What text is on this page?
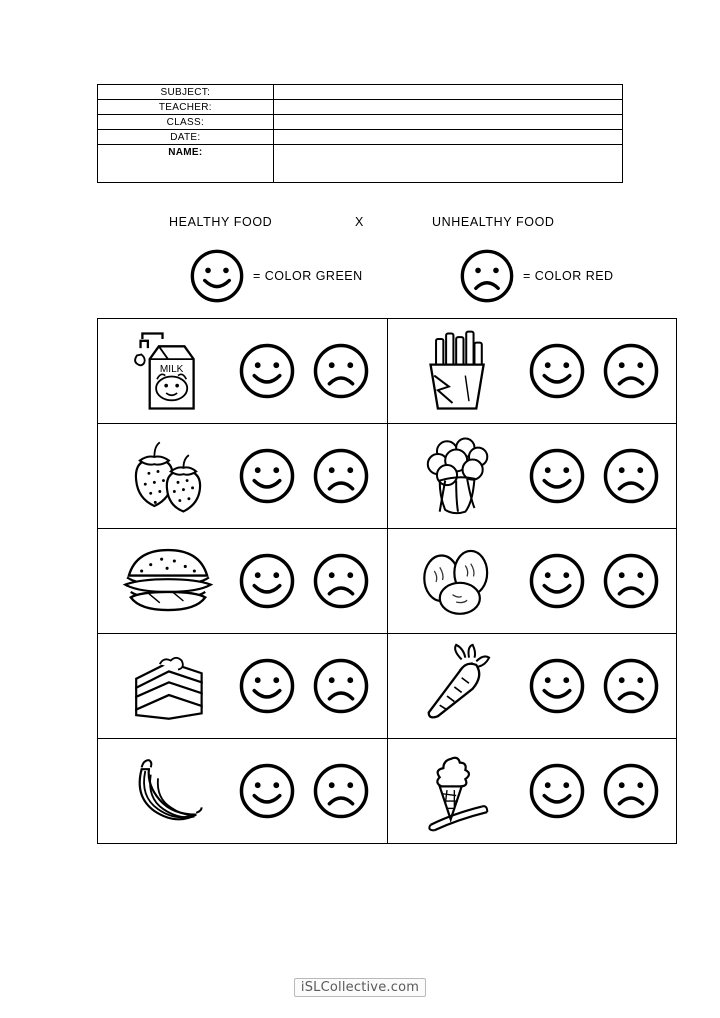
SUBJECT:	
TEACHER:	
CLASS:	
DATE:	
NAME:	
HEALTHY FOOD	X	UNHEALTHY FOOD
= COLOR GREEN	= COLOR RED
MILK

iSLCollective.com
